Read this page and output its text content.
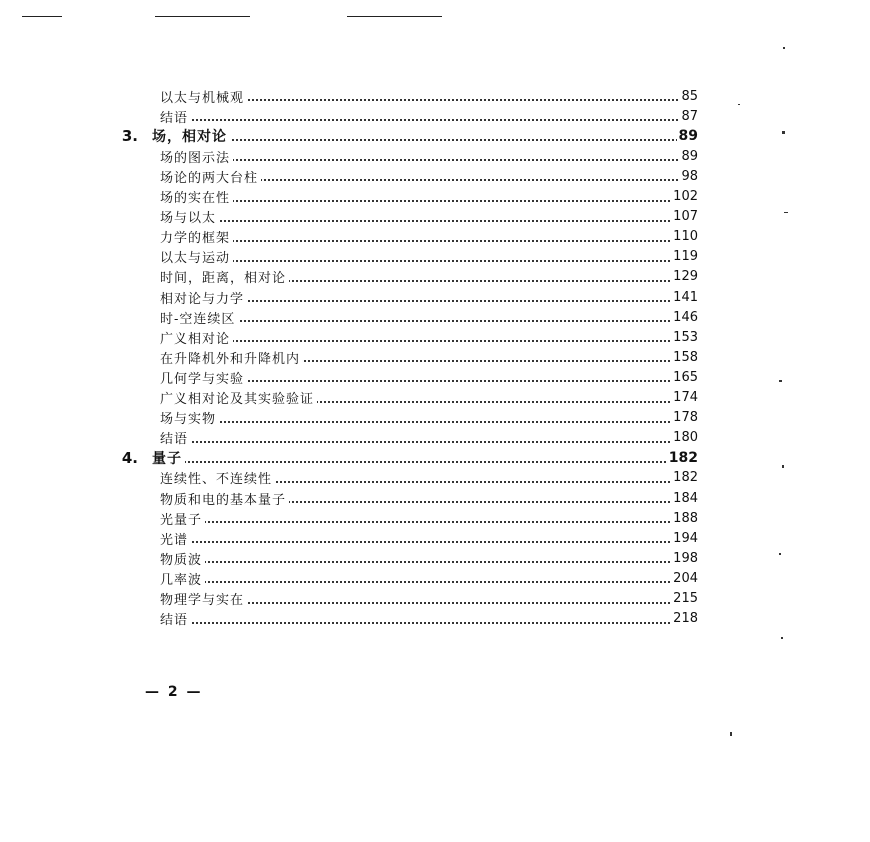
以太与机械观	85
结语	87
3. 场，相对论	89
场的图示法	89
场论的两大台柱	98
场的实在性	102
场与以太	107
力学的框架	110
以太与运动	119
时间，距离，相对论	129
相对论与力学	141
时-空连续区	146
广义相对论	153
在升降机外和升降机内	158
几何学与实验	165
广义相对论及其实验验证	174
场与实物	178
结语	180
4. 量子	182
连续性、不连续性	182
物质和电的基本量子	184
光量子	188
光谱	194
物质波	198
几率波	204
物理学与实在	215
结语	218
— 2 —
